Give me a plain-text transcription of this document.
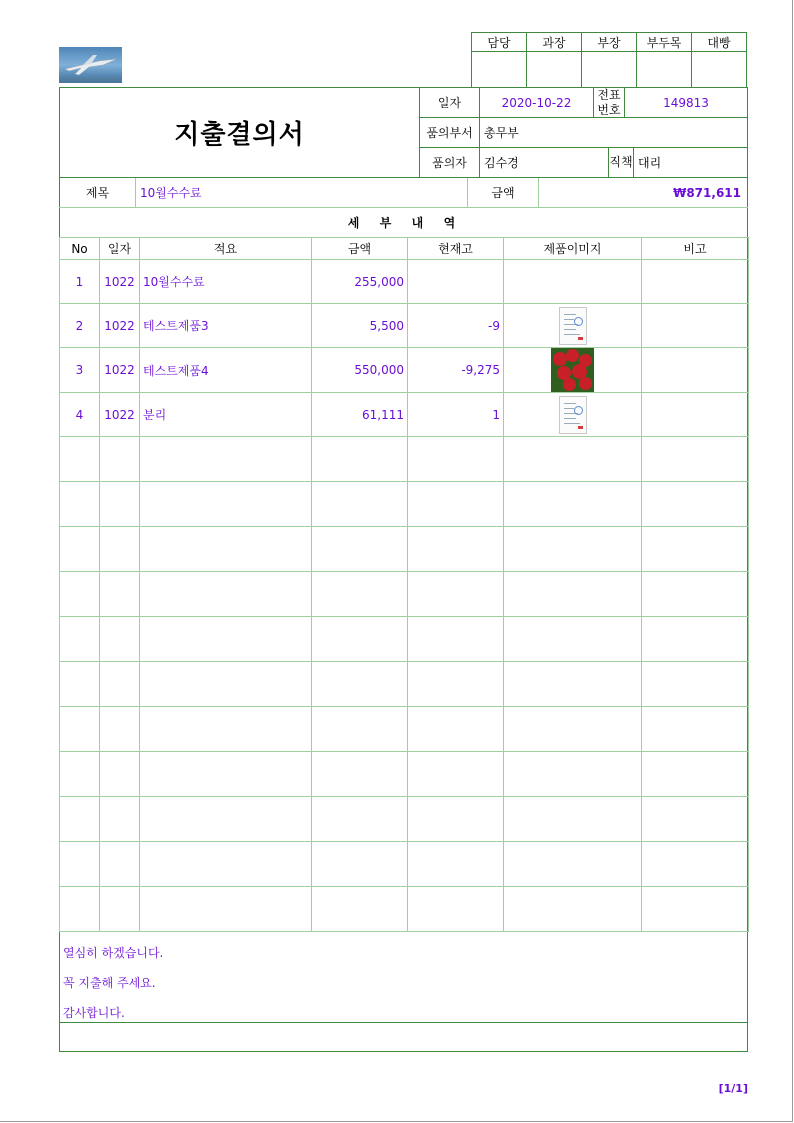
담당	과장	부장	부두목	대빵

지출결의서
일자	2020-10-22
전표번호	149813
품의부서 총무부
품의자	김수경	직책 대리
제목	10월수수료	금액	₩871,611
세  부  내  역
No	일자	적요	금액	현재고	제품이미지	비고
1	1022	10월수수료	255,000			
2	1022	테스트제품3	5,500	-9	

3	1022	테스트제품4	550,000	-9,275	

4	1022	분리	61,111	1	

열심히 하겠습니다.
꼭 지출해 주세요.
감사합니다.
[1/1]
